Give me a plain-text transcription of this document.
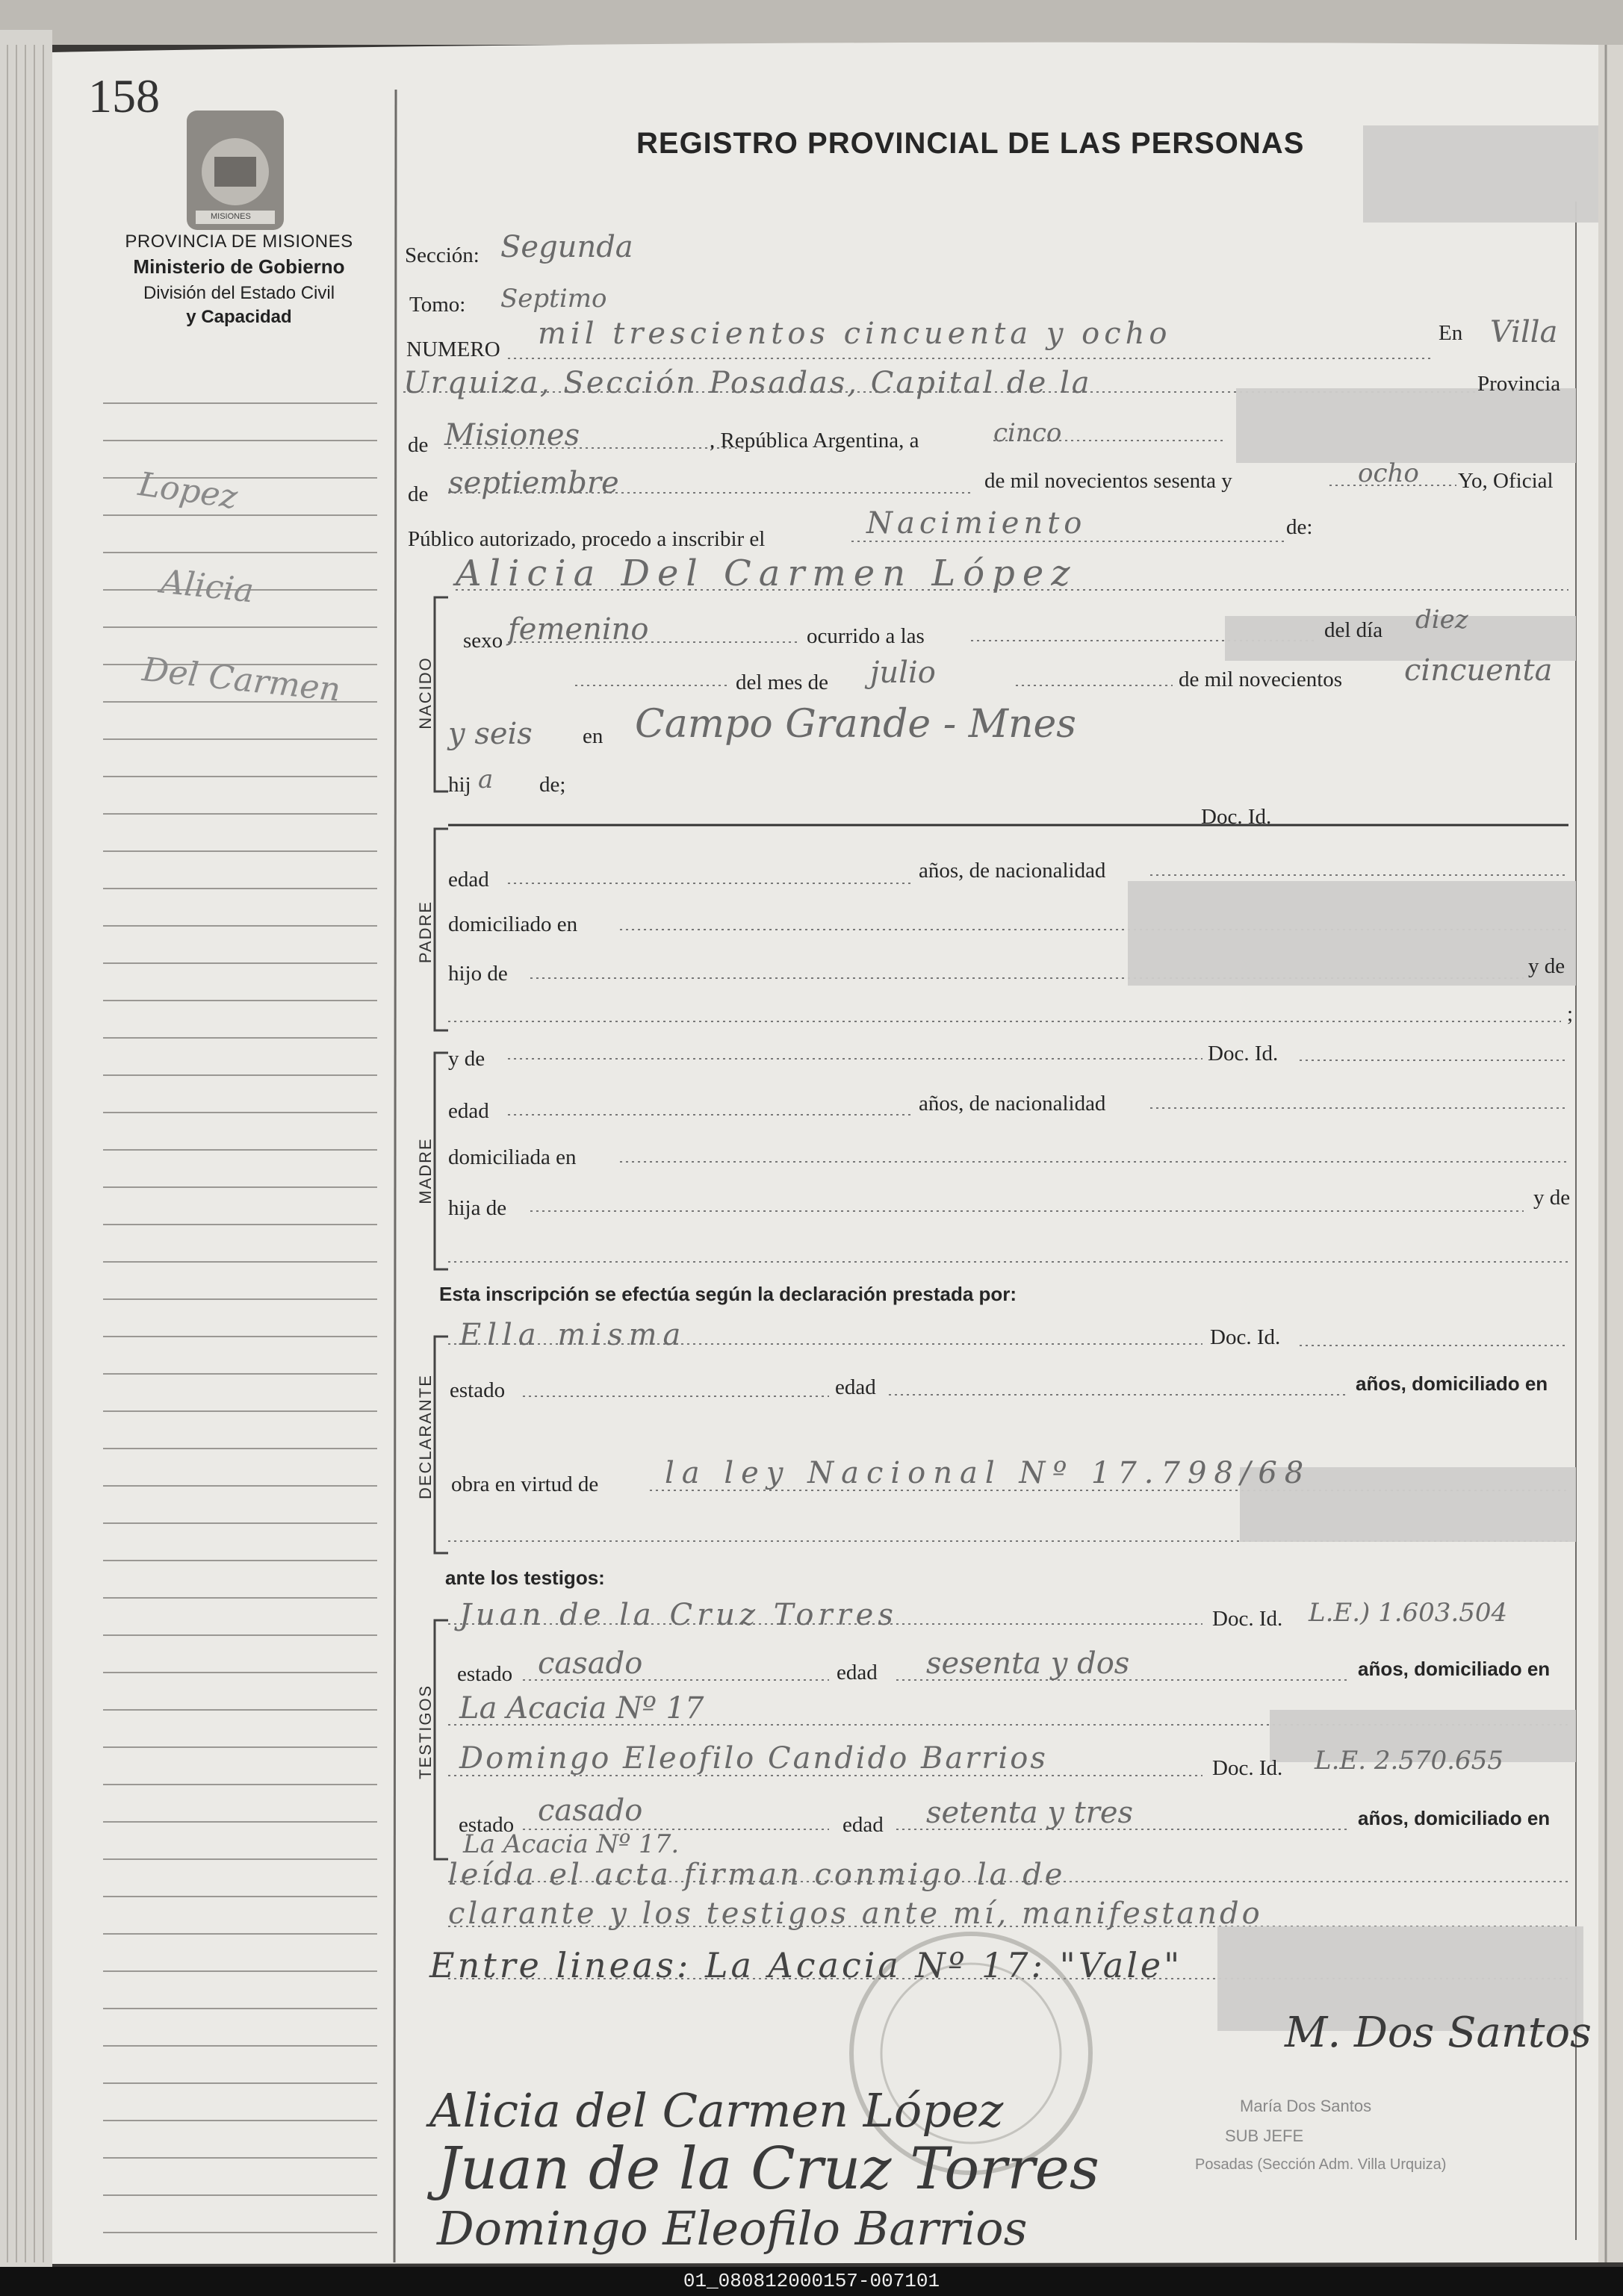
158
REGISTRO PROVINCIAL DE LAS PERSONAS
PROVINCIA DE MISIONES
Ministerio de Gobierno
División del Estado Civil
y Capacidad
MISIONES
Lopez
Alicia
Del Carmen
Sección: Segunda
Tomo: Septimo
NUMERO mil trescientos cincuenta y ocho	En Villa
Urquiza, Sección Posadas, Capital de la	Provincia
de Misiones	, República Argentina, a	cinco
de septiembre	de mil novecientos sesenta y	ocho Yo, Oficial
Público autorizado, procedo a inscribir el	Nacimiento	de:
NACIDO
Alicia Del Carmen López
sexo femenino	ocurrido a las	del día diez
del mes de julio	de mil novecientos cincuenta
y seis en Campo Grande - Mnes
hij a de;
Doc. Id.
PADRE
edad	años, de nacionalidad
domiciliado en
hijo de	y de
;
MADRE
y de	Doc. Id.
edad	años, de nacionalidad
domiciliada en
hija de	y de
Esta inscripción se efectúa según la declaración prestada por:
DECLARANTE
Ella misma	Doc. Id.
estado	edad	años, domiciliado en
obra en virtud de la ley Nacional Nº 17.798/68
ante los testigos:
TESTIGOS
Juan de la Cruz Torres	Doc. Id. L.E.) 1.603.504
estado casado	edad sesenta y dos	años, domiciliado en
La Acacia Nº 17
Domingo Eleofilo Candido Barrios	Doc. Id. L.E. 2.570.655
estado casado	edad setenta y tres	años, domiciliado en
La Acacia Nº 17.
leída el acta firman conmigo la de
clarante y los testigos ante mí, manifestando
Entre lineas: La Acacia Nº 17: "Vale"
Alicia del Carmen López
Juan de la Cruz Torres
Domingo Eleofilo Barrios
M. Dos Santos
María Dos Santos
SUB JEFE
Posadas (Sección Adm. Villa Urquiza)
01_080812000157-007101
